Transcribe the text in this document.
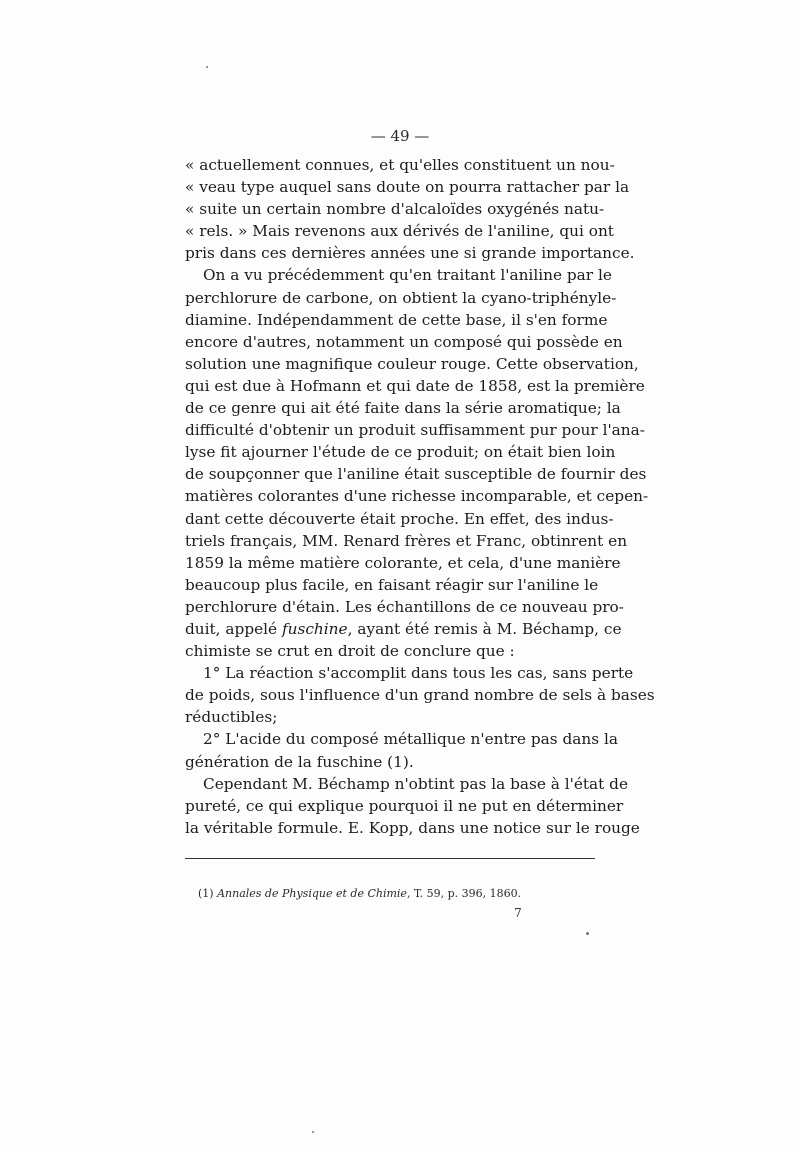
— 49 —
« actuellement connues, et qu'elles constituent un nou-
« veau type auquel sans doute on pourra rattacher par la
« suite un certain nombre d'alcaloïdes oxygénés natu-
« rels. » Mais revenons aux dérivés de l'aniline, qui ont
pris dans ces dernières années une si grande importance.
On a vu précédemment qu'en traitant l'aniline par le
perchlorure de carbone, on obtient la cyano-triphényle-
diamine. Indépendamment de cette base, il s'en forme
encore d'autres, notamment un composé qui possède en
solution une magnifique couleur rouge. Cette observation,
qui est due à Hofmann et qui date de 1858, est la première
de ce genre qui ait été faite dans la série aromatique; la
difficulté d'obtenir un produit suffisamment pur pour l'ana-
lyse fit ajourner l'étude de ce produit; on était bien loin
de soupçonner que l'aniline était susceptible de fournir des
matières colorantes d'une richesse incomparable, et cepen-
dant cette découverte était proche. En effet, des indus-
triels français, MM. Renard frères et Franc, obtinrent en
1859 la même matière colorante, et cela, d'une manière
beaucoup plus facile, en faisant réagir sur l'aniline le
perchlorure d'étain. Les échantillons de ce nouveau pro-
duit, appelé fuschine, ayant été remis à M. Béchamp, ce
chimiste se crut en droit de conclure que :
1° La réaction s'accomplit dans tous les cas, sans perte
de poids, sous l'influence d'un grand nombre de sels à bases
réductibles;
2° L'acide du composé métallique n'entre pas dans la
génération de la fuschine (1).
Cependant M. Béchamp n'obtint pas la base à l'état de
pureté, ce qui explique pourquoi il ne put en déterminer
la véritable formule. E. Kopp, dans une notice sur le rouge
(1) Annales de Physique et de Chimie, T. 59, p. 396, 1860.
7
